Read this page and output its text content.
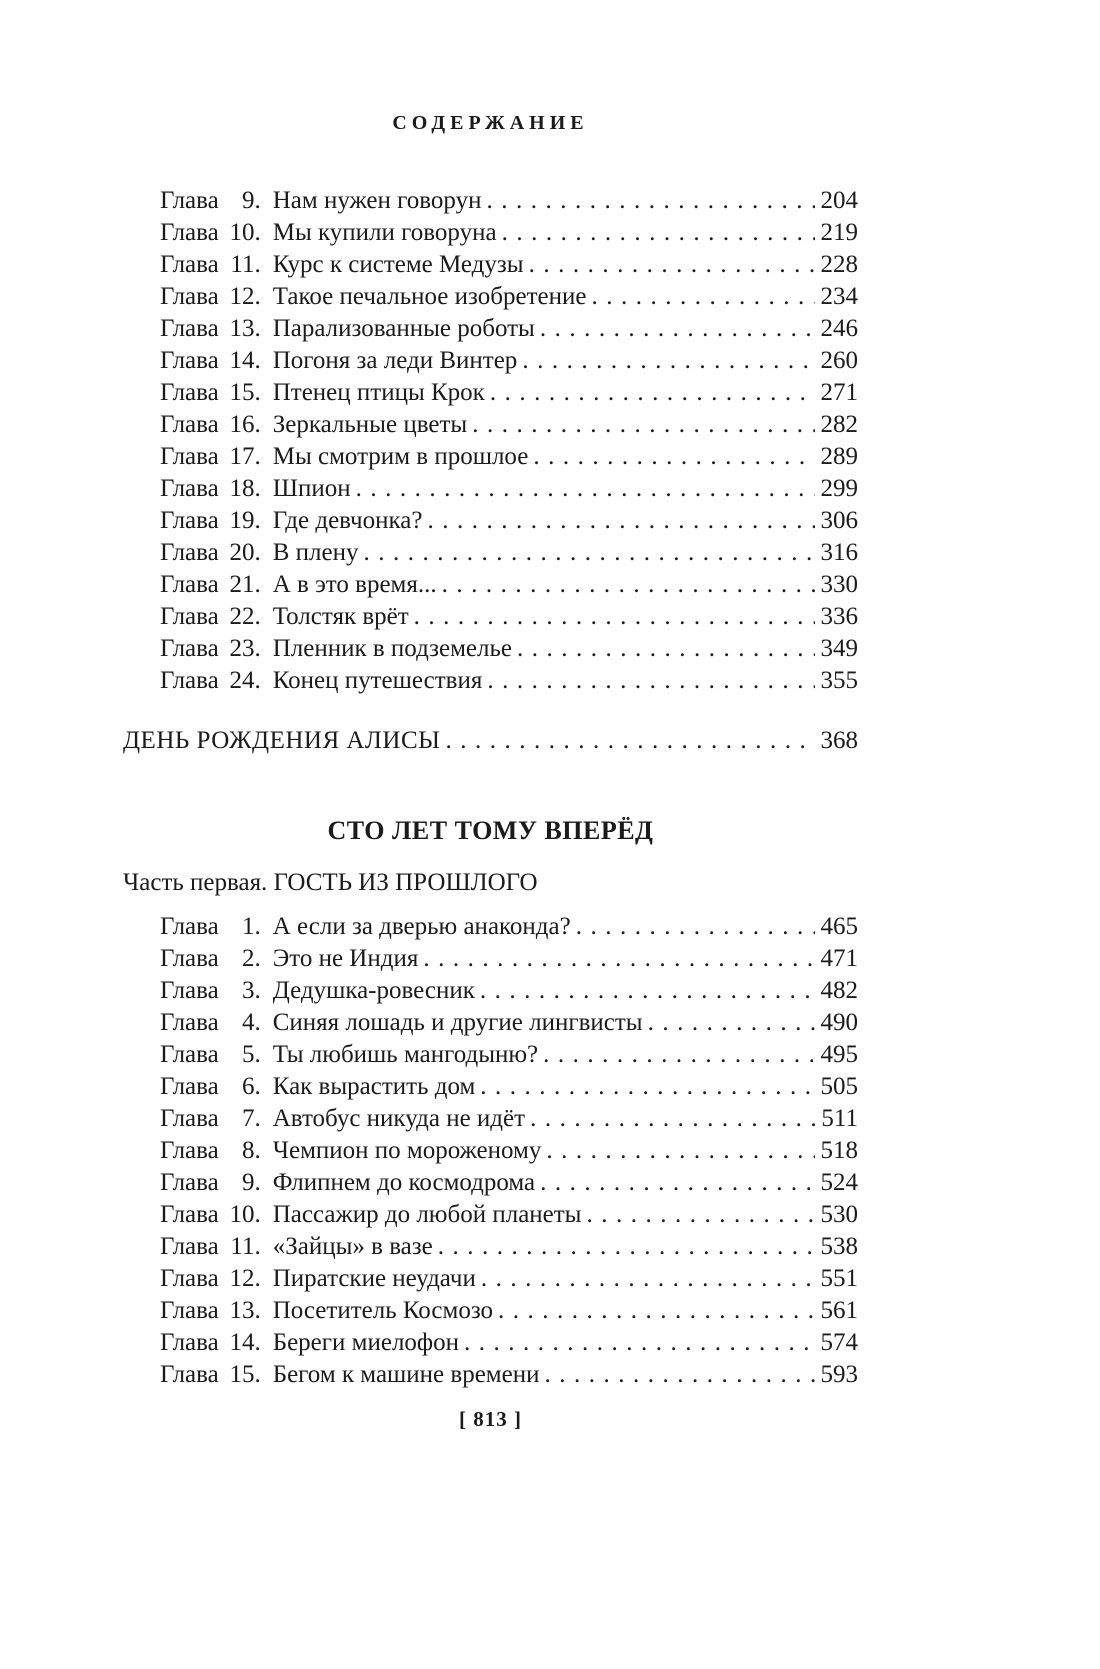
СОДЕРЖАНИЕ
Глава 9. Нам нужен говорун .....	204
Глава 10. Мы купили говоруна .....	219
Глава 11. Курс к системе Медузы .....	228
Глава 12. Такое печальное изобретение .....	234
Глава 13. Парализованные роботы .....	246
Глава 14. Погоня за леди Винтер .....	260
Глава 15. Птенец птицы Крок .....	271
Глава 16. Зеркальные цветы .....	282
Глава 17. Мы смотрим в прошлое .....	289
Глава 18. Шпион .....	299
Глава 19. Где девчонка? .....	306
Глава 20. В плену .....	316
Глава 21. А в это время... .....	330
Глава 22. Толстяк врёт .....	336
Глава 23. Пленник в подземелье .....	349
Глава 24. Конец путешествия .....	355
ДЕНЬ РОЖДЕНИЯ АЛИСЫ .....	368
СТО ЛЕТ ТОМУ ВПЕРЁД
Часть первая. ГОСТЬ ИЗ ПРОШЛОГО
Глава 1. А если за дверью анаконда? .....	465
Глава 2. Это не Индия .....	471
Глава 3. Дедушка-ровесник .....	482
Глава 4. Синяя лошадь и другие лингвисты .....	490
Глава 5. Ты любишь мангодыню? .....	495
Глава 6. Как вырастить дом .....	505
Глава 7. Автобус никуда не идёт .....	511
Глава 8. Чемпион по мороженому .....	518
Глава 9. Флипнем до космодрома .....	524
Глава 10. Пассажир до любой планеты .....	530
Глава 11. «Зайцы» в вазе .....	538
Глава 12. Пиратские неудачи .....	551
Глава 13. Посетитель Космозо .....	561
Глава 14. Береги миелофон .....	574
Глава 15. Бегом к машине времени .....	593
[ 813 ]
